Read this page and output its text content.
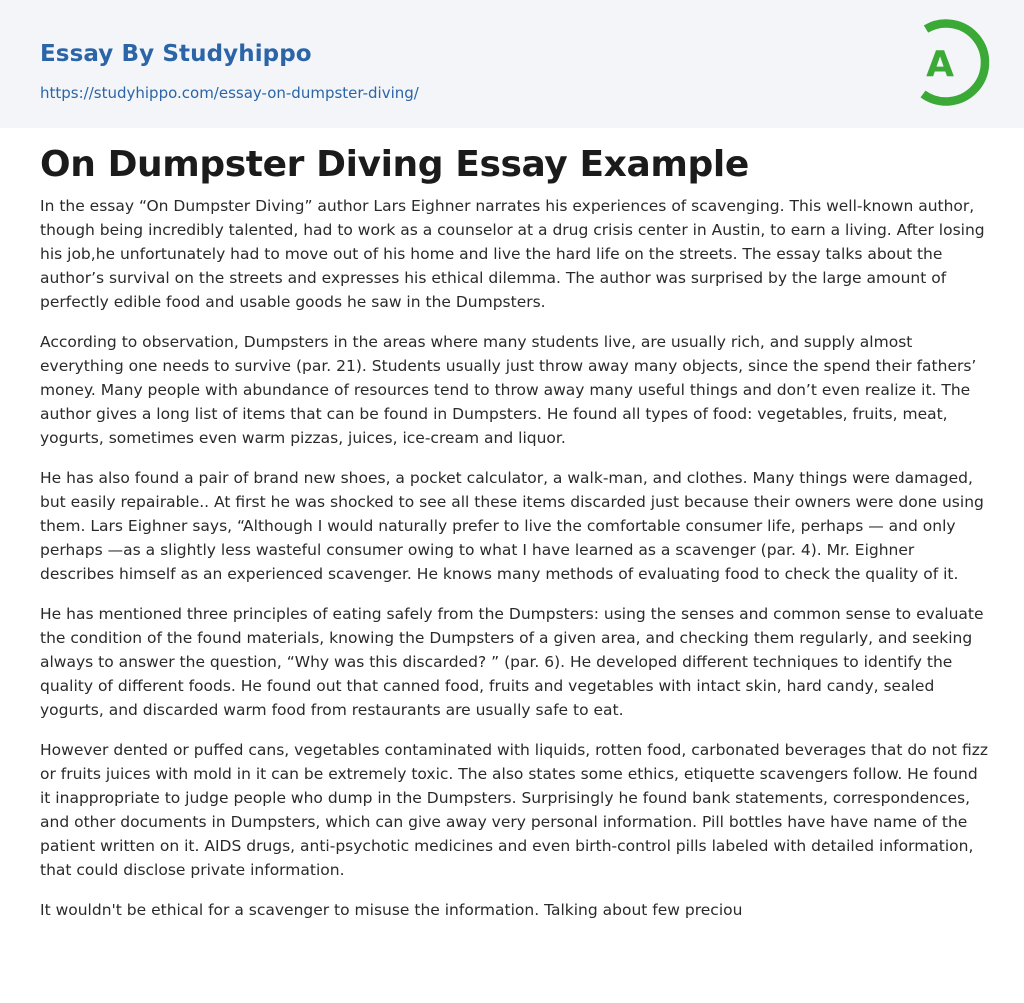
Essay By Studyhippo
https://studyhippo.com/essay-on-dumpster-diving/
A
On Dumpster Diving Essay Example

In the essay “On Dumpster Diving” author Lars Eighner narrates his experiences of scavenging. This well-known author, though being incredibly talented, had to work as a counselor at a drug crisis center in Austin, to earn a living. After losing his job,he unfortunately had to move out of his home and live the hard life on the streets. The essay talks about the author’s survival on the streets and expresses his ethical dilemma. The author was surprised by the large amount of perfectly edible food and usable goods he saw in the Dumpsters.

According to observation, Dumpsters in the areas where many students live, are usually rich, and supply almost everything one needs to survive (par. 21). Students usually just throw away many objects, since the spend their fathers’ money. Many people with abundance of resources tend to throw away many useful things and don’t even realize it. The author gives a long list of items that can be found in Dumpsters. He found all types of food: vegetables, fruits, meat, yogurts, sometimes even warm pizzas, juices, ice-cream and liquor.

He has also found a pair of brand new shoes, a pocket calculator, a walk-man, and clothes. Many things were damaged, but easily repairable.. At first he was shocked to see all these items discarded just because their owners were done using them. Lars Eighner says, “Although I would naturally prefer to live the comfortable consumer life, perhaps — and only perhaps —as a slightly less wasteful consumer owing to what I have learned as a scavenger (par. 4). Mr. Eighner describes himself as an experienced scavenger. He knows many methods of evaluating food to check the quality of it.

He has mentioned three principles of eating safely from the Dumpsters: using the senses and common sense to evaluate the condition of the found materials, knowing the Dumpsters of a given area, and checking them regularly, and seeking always to answer the question, “Why was this discarded? ” (par. 6). He developed different techniques to identify the quality of different foods. He found out that canned food, fruits and vegetables with intact skin, hard candy, sealed yogurts, and discarded warm food from restaurants are usually safe to eat.

However dented or puffed cans, vegetables contaminated with liquids, rotten food, carbonated beverages that do not fizz or fruits juices with mold in it can be extremely toxic. The also states some ethics, etiquette scavengers follow. He found it inappropriate to judge people who dump in the Dumpsters. Surprisingly he found bank statements, correspondences, and other documents in Dumpsters, which can give away very personal information. Pill bottles have have name of the patient written on it. AIDS drugs, anti-psychotic medicines and even birth-control pills labeled with detailed information, that could disclose private information.

It wouldn't be ethical for a scavenger to misuse the information. Talking about few preciou
